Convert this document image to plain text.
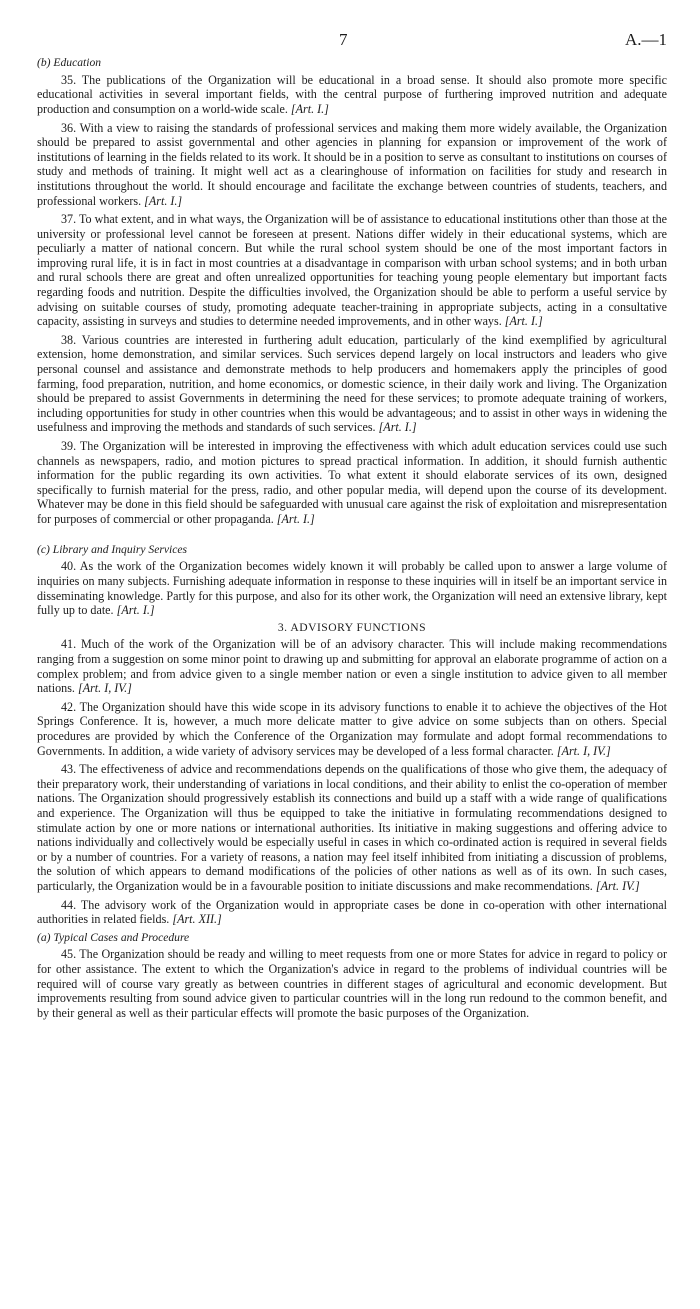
7	A.—1
(b) Education

35. The publications of the Organization will be educational in a broad sense. It should also promote more specific educational activities in several important fields, with the central purpose of furthering improved nutrition and adequate production and consumption on a world-wide scale. [Art. I.]

36. With a view to raising the standards of professional services and making them more widely available, the Organization should be prepared to assist governmental and other agencies in planning for expansion or improvement of the work of institutions of learning in the fields related to its work. It should be in a position to serve as consultant to institutions on courses of study and methods of training. It might well act as a clearinghouse of information on facilities for study and research in institutions throughout the world. It should encourage and facilitate the exchange between countries of students, teachers, and professional workers. [Art. I.]

37. To what extent, and in what ways, the Organization will be of assistance to educational institutions other than those at the university or professional level cannot be foreseen at present. Nations differ widely in their educational systems, which are peculiarly a matter of national concern. But while the rural school system should be one of the most important factors in improving rural life, it is in fact in most countries at a disadvantage in comparison with urban school systems; and in both urban and rural schools there are great and often unrealized opportunities for teaching young people elementary but important facts regarding foods and nutrition. Despite the difficulties involved, the Organization should be able to perform a useful service by advising on suitable courses of study, promoting adequate teacher-training in appropriate subjects, acting in a consultative capacity, assisting in surveys and studies to determine needed improvements, and in other ways. [Art. I.]

38. Various countries are interested in furthering adult education, particularly of the kind exemplified by agricultural extension, home demonstration, and similar services. Such services depend largely on local instructors and leaders who give personal counsel and assistance and demonstrate methods to help producers and homemakers apply the principles of good farming, food preparation, nutrition, and home economics, or domestic science, in their daily work and living. The Organization should be prepared to assist Governments in determining the need for these services; to promote adequate training of workers, including opportunities for study in other countries when this would be advantageous; and to assist in other ways in widening the usefulness and improving the methods and standards of such services. [Art. I.]

39. The Organization will be interested in improving the effectiveness with which adult education services could use such channels as newspapers, radio, and motion pictures to spread practical information. In addition, it should furnish authentic information for the public regarding its own activities. To what extent it should elaborate services of its own, designed specifically to furnish material for the press, radio, and other popular media, will depend upon the course of its development. Whatever may be done in this field should be safeguarded with unusual care against the risk of exploitation and misrepresentation for purposes of commercial or other propaganda. [Art. I.]

(c) Library and Inquiry Services

40. As the work of the Organization becomes widely known it will probably be called upon to answer a large volume of inquiries on many subjects. Furnishing adequate information in response to these inquiries will in itself be an important service in disseminating knowledge. Partly for this purpose, and also for its other work, the Organization will need an extensive library, kept fully up to date. [Art. I.]

3. ADVISORY FUNCTIONS

41. Much of the work of the Organization will be of an advisory character. This will include making recommendations ranging from a suggestion on some minor point to drawing up and submitting for approval an elaborate programme of action on a complex problem; and from advice given to a single member nation or even a single institution to advice given to all member nations. [Art. I, IV.]

42. The Organization should have this wide scope in its advisory functions to enable it to achieve the objectives of the Hot Springs Conference. It is, however, a much more delicate matter to give advice on some subjects than on others. Special procedures are provided by which the Conference of the Organization may formulate and adopt formal recommendations to Governments. In addition, a wide variety of advisory services may be developed of a less formal character. [Art. I, IV.]

43. The effectiveness of advice and recommendations depends on the qualifications of those who give them, the adequacy of their preparatory work, their understanding of variations in local conditions, and their ability to enlist the co-operation of member nations. The Organization should progressively establish its connections and build up a staff with a wide range of qualifications and experience. The Organization will thus be equipped to take the initiative in formulating recommendations designed to stimulate action by one or more nations or international authorities. Its initiative in making suggestions and offering advice to nations individually and collectively would be especially useful in cases in which co-ordinated action is required in several fields or by a number of countries. For a variety of reasons, a nation may feel itself inhibited from initiating a discussion of problems, the solution of which appears to demand modifications of the policies of other nations as well as of its own. In such cases, particularly, the Organization would be in a favourable position to initiate discussions and make recommendations. [Art. IV.]

44. The advisory work of the Organization would in appropriate cases be done in co-operation with other international authorities in related fields. [Art. XII.]

(a) Typical Cases and Procedure

45. The Organization should be ready and willing to meet requests from one or more States for advice in regard to policy or for other assistance. The extent to which the Organization's advice in regard to the problems of individual countries will be required will of course vary greatly as between countries in different stages of agricultural and economic development. But improvements resulting from sound advice given to particular countries will in the long run redound to the common benefit, and by their general as well as their particular effects will promote the basic purposes of the Organization.
